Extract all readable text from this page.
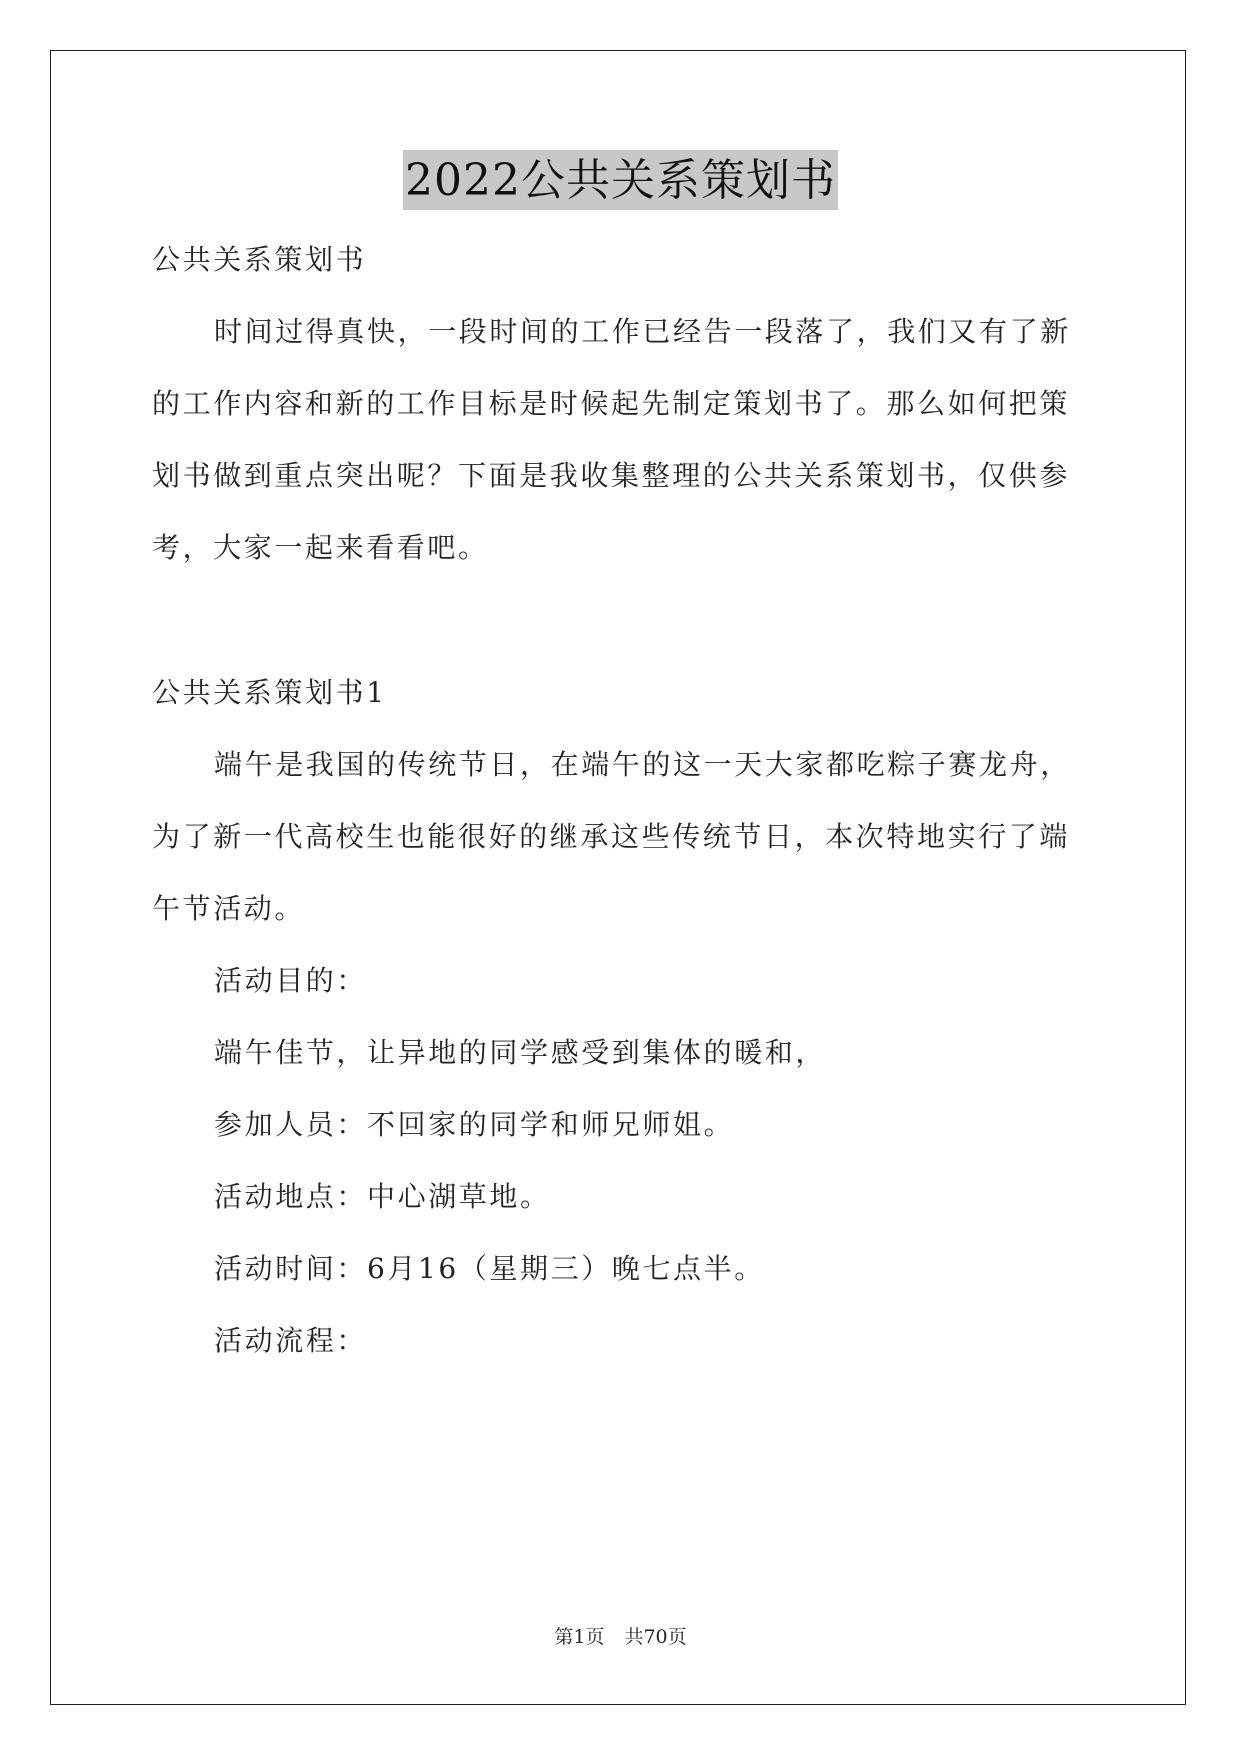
2022公共关系策划书
公共关系策划书
时间过得真快，一段时间的工作已经告一段落了，我们又有了新
的工作内容和新的工作目标是时候起先制定策划书了。那么如何把策
划书做到重点突出呢？下面是我收集整理的公共关系策划书，仅供参
考，大家一起来看看吧。
公共关系策划书1
端午是我国的传统节日，在端午的这一天大家都吃粽子赛龙舟，
为了新一代高校生也能很好的继承这些传统节日，本次特地实行了端
午节活动。
活动目的：
端午佳节，让异地的同学感受到集体的暖和，
参加人员：不回家的同学和师兄师姐。
活动地点：中心湖草地。
活动时间：6月16（星期三）晚七点半。
活动流程：
第1页 共70页
